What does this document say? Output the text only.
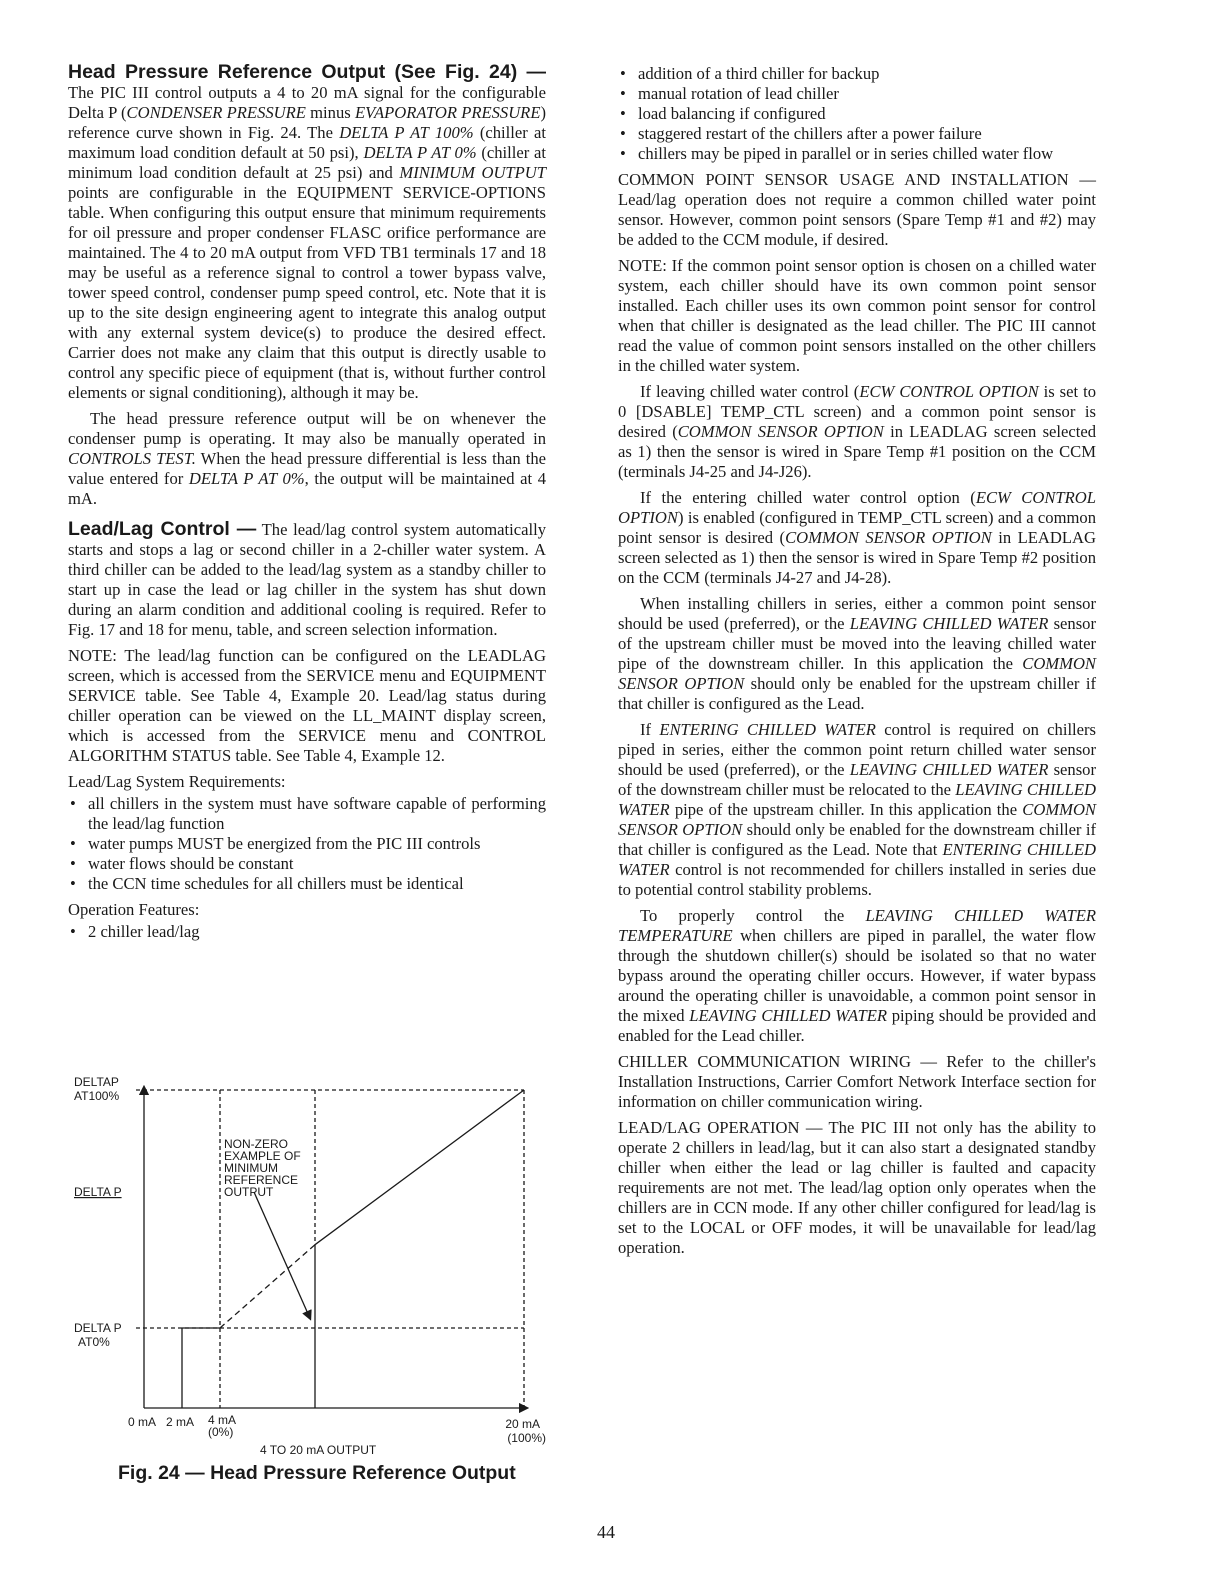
Head Pressure Reference Output (See Fig. 24) — The PIC III control outputs a 4 to 20 mA signal for the configurable Delta P (CONDENSER PRESSURE minus EVAPORATOR PRESSURE) reference curve shown in Fig. 24. The DELTA P AT 100% (chiller at maximum load condition default at 50 psi), DELTA P AT 0% (chiller at minimum load condition default at 25 psi) and MINIMUM OUTPUT points are configurable in the EQUIPMENT SERVICE-OPTIONS table. When configuring this output ensure that minimum requirements for oil pressure and proper condenser FLASC orifice performance are maintained. The 4 to 20 mA output from VFD TB1 terminals 17 and 18 may be useful as a reference signal to control a tower bypass valve, tower speed control, condenser pump speed control, etc. Note that it is up to the site design engineering agent to integrate this analog output with any external system device(s) to produce the desired effect. Carrier does not make any claim that this output is directly usable to control any specific piece of equipment (that is, without further control elements or signal conditioning), although it may be.

The head pressure reference output will be on whenever the condenser pump is operating. It may also be manually operated in CONTROLS TEST. When the head pressure differential is less than the value entered for DELTA P AT 0%, the output will be maintained at 4 mA.

Lead/Lag Control — The lead/lag control system automatically starts and stops a lag or second chiller in a 2-chiller water system. A third chiller can be added to the lead/lag system as a standby chiller to start up in case the lead or lag chiller in the system has shut down during an alarm condition and additional cooling is required. Refer to Fig. 17 and 18 for menu, table, and screen selection information.

NOTE: The lead/lag function can be configured on the LEADLAG screen, which is accessed from the SERVICE menu and EQUIPMENT SERVICE table. See Table 4, Example 20. Lead/lag status during chiller operation can be viewed on the LL_MAINT display screen, which is accessed from the SERVICE menu and CONTROL ALGORITHM STATUS table. See Table 4, Example 12.

Lead/Lag System Requirements:

• all chillers in the system must have software capable of performing the lead/lag function
• water pumps MUST be energized from the PIC III controls
• water flows should be constant
• the CCN time schedules for all chillers must be identical

Operation Features:

• 2 chiller lead/lag
DELTAP
AT100%
DELTA P
DELTA P
AT0%
NON-ZERO
EXAMPLE OF
MINIMUM
REFERENCE
OUTPUT
0 mA 2 mA 4 mA
(0%)
20 mA
(100%)
4 TO 20 mA OUTPUT
Fig. 24 — Head Pressure Reference Output
• addition of a third chiller for backup
• manual rotation of lead chiller
• load balancing if configured
• staggered restart of the chillers after a power failure
• chillers may be piped in parallel or in series chilled water flow

COMMON POINT SENSOR USAGE AND INSTALLATION — Lead/lag operation does not require a common chilled water point sensor. However, common point sensors (Spare Temp #1 and #2) may be added to the CCM module, if desired.

NOTE: If the common point sensor option is chosen on a chilled water system, each chiller should have its own common point sensor installed. Each chiller uses its own common point sensor for control when that chiller is designated as the lead chiller. The PIC III cannot read the value of common point sensors installed on the other chillers in the chilled water system.

If leaving chilled water control (ECW CONTROL OPTION is set to 0 [DSABLE] TEMP_CTL screen) and a common point sensor is desired (COMMON SENSOR OPTION in LEADLAG screen selected as 1) then the sensor is wired in Spare Temp #1 position on the CCM (terminals J4-25 and J4-J26).

If the entering chilled water control option (ECW CONTROL OPTION) is enabled (configured in TEMP_CTL screen) and a common point sensor is desired (COMMON SENSOR OPTION in LEADLAG screen selected as 1) then the sensor is wired in Spare Temp #2 position on the CCM (terminals J4-27 and J4-28).

When installing chillers in series, either a common point sensor should be used (preferred), or the LEAVING CHILLED WATER sensor of the upstream chiller must be moved into the leaving chilled water pipe of the downstream chiller. In this application the COMMON SENSOR OPTION should only be enabled for the upstream chiller if that chiller is configured as the Lead.

If ENTERING CHILLED WATER control is required on chillers piped in series, either the common point return chilled water sensor should be used (preferred), or the LEAVING CHILLED WATER sensor of the downstream chiller must be relocated to the LEAVING CHILLED WATER pipe of the upstream chiller. In this application the COMMON SENSOR OPTION should only be enabled for the downstream chiller if that chiller is configured as the Lead. Note that ENTERING CHILLED WATER control is not recommended for chillers installed in series due to potential control stability problems.

To properly control the LEAVING CHILLED WATER TEMPERATURE when chillers are piped in parallel, the water flow through the shutdown chiller(s) should be isolated so that no water bypass around the operating chiller occurs. However, if water bypass around the operating chiller is unavoidable, a common point sensor in the mixed LEAVING CHILLED WATER piping should be provided and enabled for the Lead chiller.

CHILLER COMMUNICATION WIRING — Refer to the chiller's Installation Instructions, Carrier Comfort Network Interface section for information on chiller communication wiring.

LEAD/LAG OPERATION — The PIC III not only has the ability to operate 2 chillers in lead/lag, but it can also start a designated standby chiller when either the lead or lag chiller is faulted and capacity requirements are not met. The lead/lag option only operates when the chillers are in CCN mode. If any other chiller configured for lead/lag is set to the LOCAL or OFF modes, it will be unavailable for lead/lag operation.

44
